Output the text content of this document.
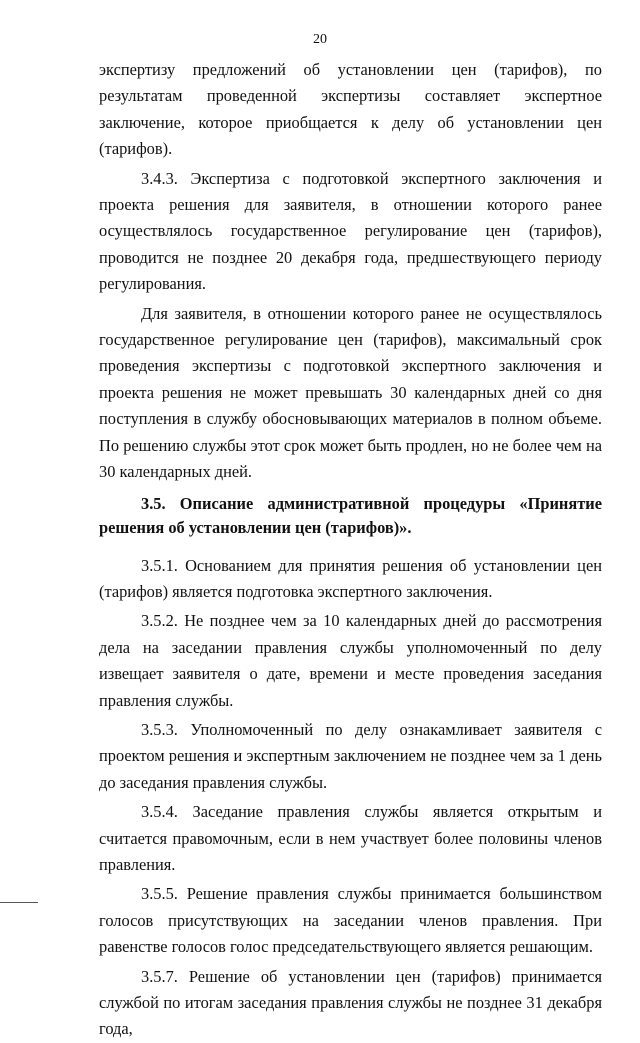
20

экспертизу предложений об установлении цен (тарифов), по результатам проведенной экспертизы составляет экспертное заключение, которое приобщается к делу об установлении цен (тарифов).

3.4.3. Экспертиза с подготовкой экспертного заключения и проекта решения для заявителя, в отношении которого ранее осуществлялось государственное регулирование цен (тарифов), проводится не позднее 20 декабря года, предшествующего периоду регулирования.

Для заявителя, в отношении которого ранее не осуществлялось государственное регулирование цен (тарифов), максимальный срок проведения экспертизы с подготовкой экспертного заключения и проекта решения не может превышать 30 календарных дней со дня поступления в службу обосновывающих материалов в полном объеме. По решению службы этот срок может быть продлен, но не более чем на 30 календарных дней.

3.5. Описание административной процедуры «Принятие решения об установлении цен (тарифов)».

3.5.1. Основанием для принятия решения об установлении цен (тарифов) является подготовка экспертного заключения.

3.5.2. Не позднее чем за 10 календарных дней до рассмотрения дела на заседании правления службы уполномоченный по делу извещает заявителя о дате, времени и месте проведения заседания правления службы.

3.5.3. Уполномоченный по делу ознакамливает заявителя с проектом решения и экспертным заключением не позднее чем за 1 день до заседания правления службы.

3.5.4. Заседание правления службы является открытым и считается правомочным, если в нем участвует более половины членов правления.

3.5.5. Решение правления службы принимается большинством голосов присутствующих на заседании членов правления. При равенстве голосов голос председательствующего является решающим.

3.5.7. Решение об установлении цен (тарифов) принимается службой по итогам заседания правления службы не позднее 31 декабря года,
